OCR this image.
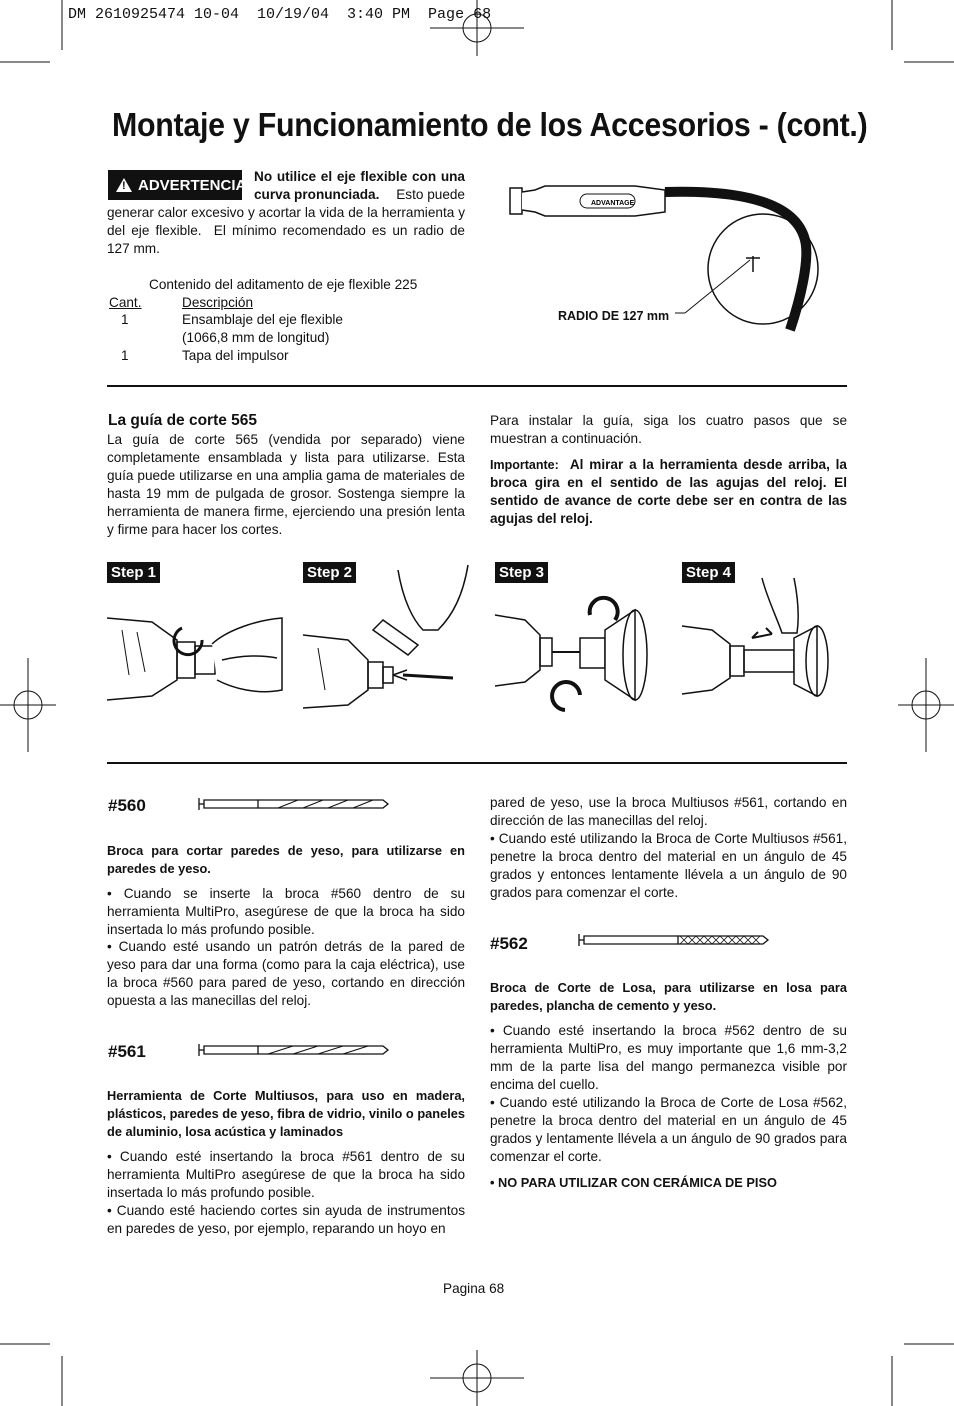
DM 2610925474 10-04  10/19/04  3:40 PM  Page 68
Montaje y Funcionamiento de los Accesorios - (cont.)
! ADVERTENCIA No utilice el eje flexible con una curva pronunciada.	Esto puede
generar calor excesivo y acortar la vida de la herramienta y del eje flexible.  El mínimo recomendado es un radio de 127 mm.
Contenido del aditamento de eje flexible 225
Cant.	Descripción
1	Ensamblaje del eje flexible
(1066,8 mm de longitud)
1	Tapa del impulsor
ADVANTAGE
RADIO DE 127 mm
La guía de corte 565
La guía de corte 565 (vendida por separado) viene completamente ensamblada y lista para utilizarse. Esta guía puede utilizarse en una amplia gama de materiales de hasta 19 mm de pulgada de grosor. Sostenga siempre la herramienta de manera firme, ejerciendo una presión lenta y firme para hacer los cortes.
Para instalar la guía, siga los cuatro pasos que se muestran a continuación.
Importante: Al mirar a la herramienta desde arriba, la broca gira en el sentido de las agujas del reloj. El sentido de avance de corte debe ser en contra de las agujas del reloj.
Step 1	Step 2	Step 3	Step 4
#560
Broca para cortar paredes de yeso, para utilizarse en paredes de yeso.
• Cuando se inserte la broca #560 dentro de su herramienta MultiPro, asegúrese de que la broca ha sido insertada lo más profundo posible.
• Cuando esté usando un patrón detrás de la pared de yeso para dar una forma (como para la caja eléctrica), use la broca #560 para pared de yeso, cortando en dirección opuesta a las manecillas del reloj.
#561
Herramienta de Corte Multiusos, para uso en madera, plásticos, paredes de yeso, fibra de vidrio, vinilo o paneles de aluminio, losa acústica y laminados
• Cuando esté insertando la broca #561 dentro de su herramienta MultiPro asegúrese de que la broca ha sido insertada lo más profundo posible.
• Cuando esté haciendo cortes sin ayuda de instrumentos en paredes de yeso, por ejemplo, reparando un hoyo en
pared de yeso, use la broca Multiusos #561, cortando en dirección de las manecillas del reloj.
• Cuando esté utilizando la Broca de Corte Multiusos #561, penetre la broca dentro del material en un ángulo de 45 grados y entonces lentamente llévela a un ángulo de 90 grados para comenzar el corte.
#562
Broca de Corte de Losa, para utilizarse en losa para paredes, plancha de cemento y yeso.
• Cuando esté insertando la broca #562 dentro de su herramienta MultiPro, es muy importante que 1,6 mm-3,2 mm de la parte lisa del mango permanezca visible por encima del cuello.
• Cuando esté utilizando la Broca de Corte de Losa #562, penetre la broca dentro del material en un ángulo de 45 grados y lentamente llévela a un ángulo de 90 grados para comenzar el corte.
• NO PARA UTILIZAR CON CERÁMICA DE PISO
Pagina 68
